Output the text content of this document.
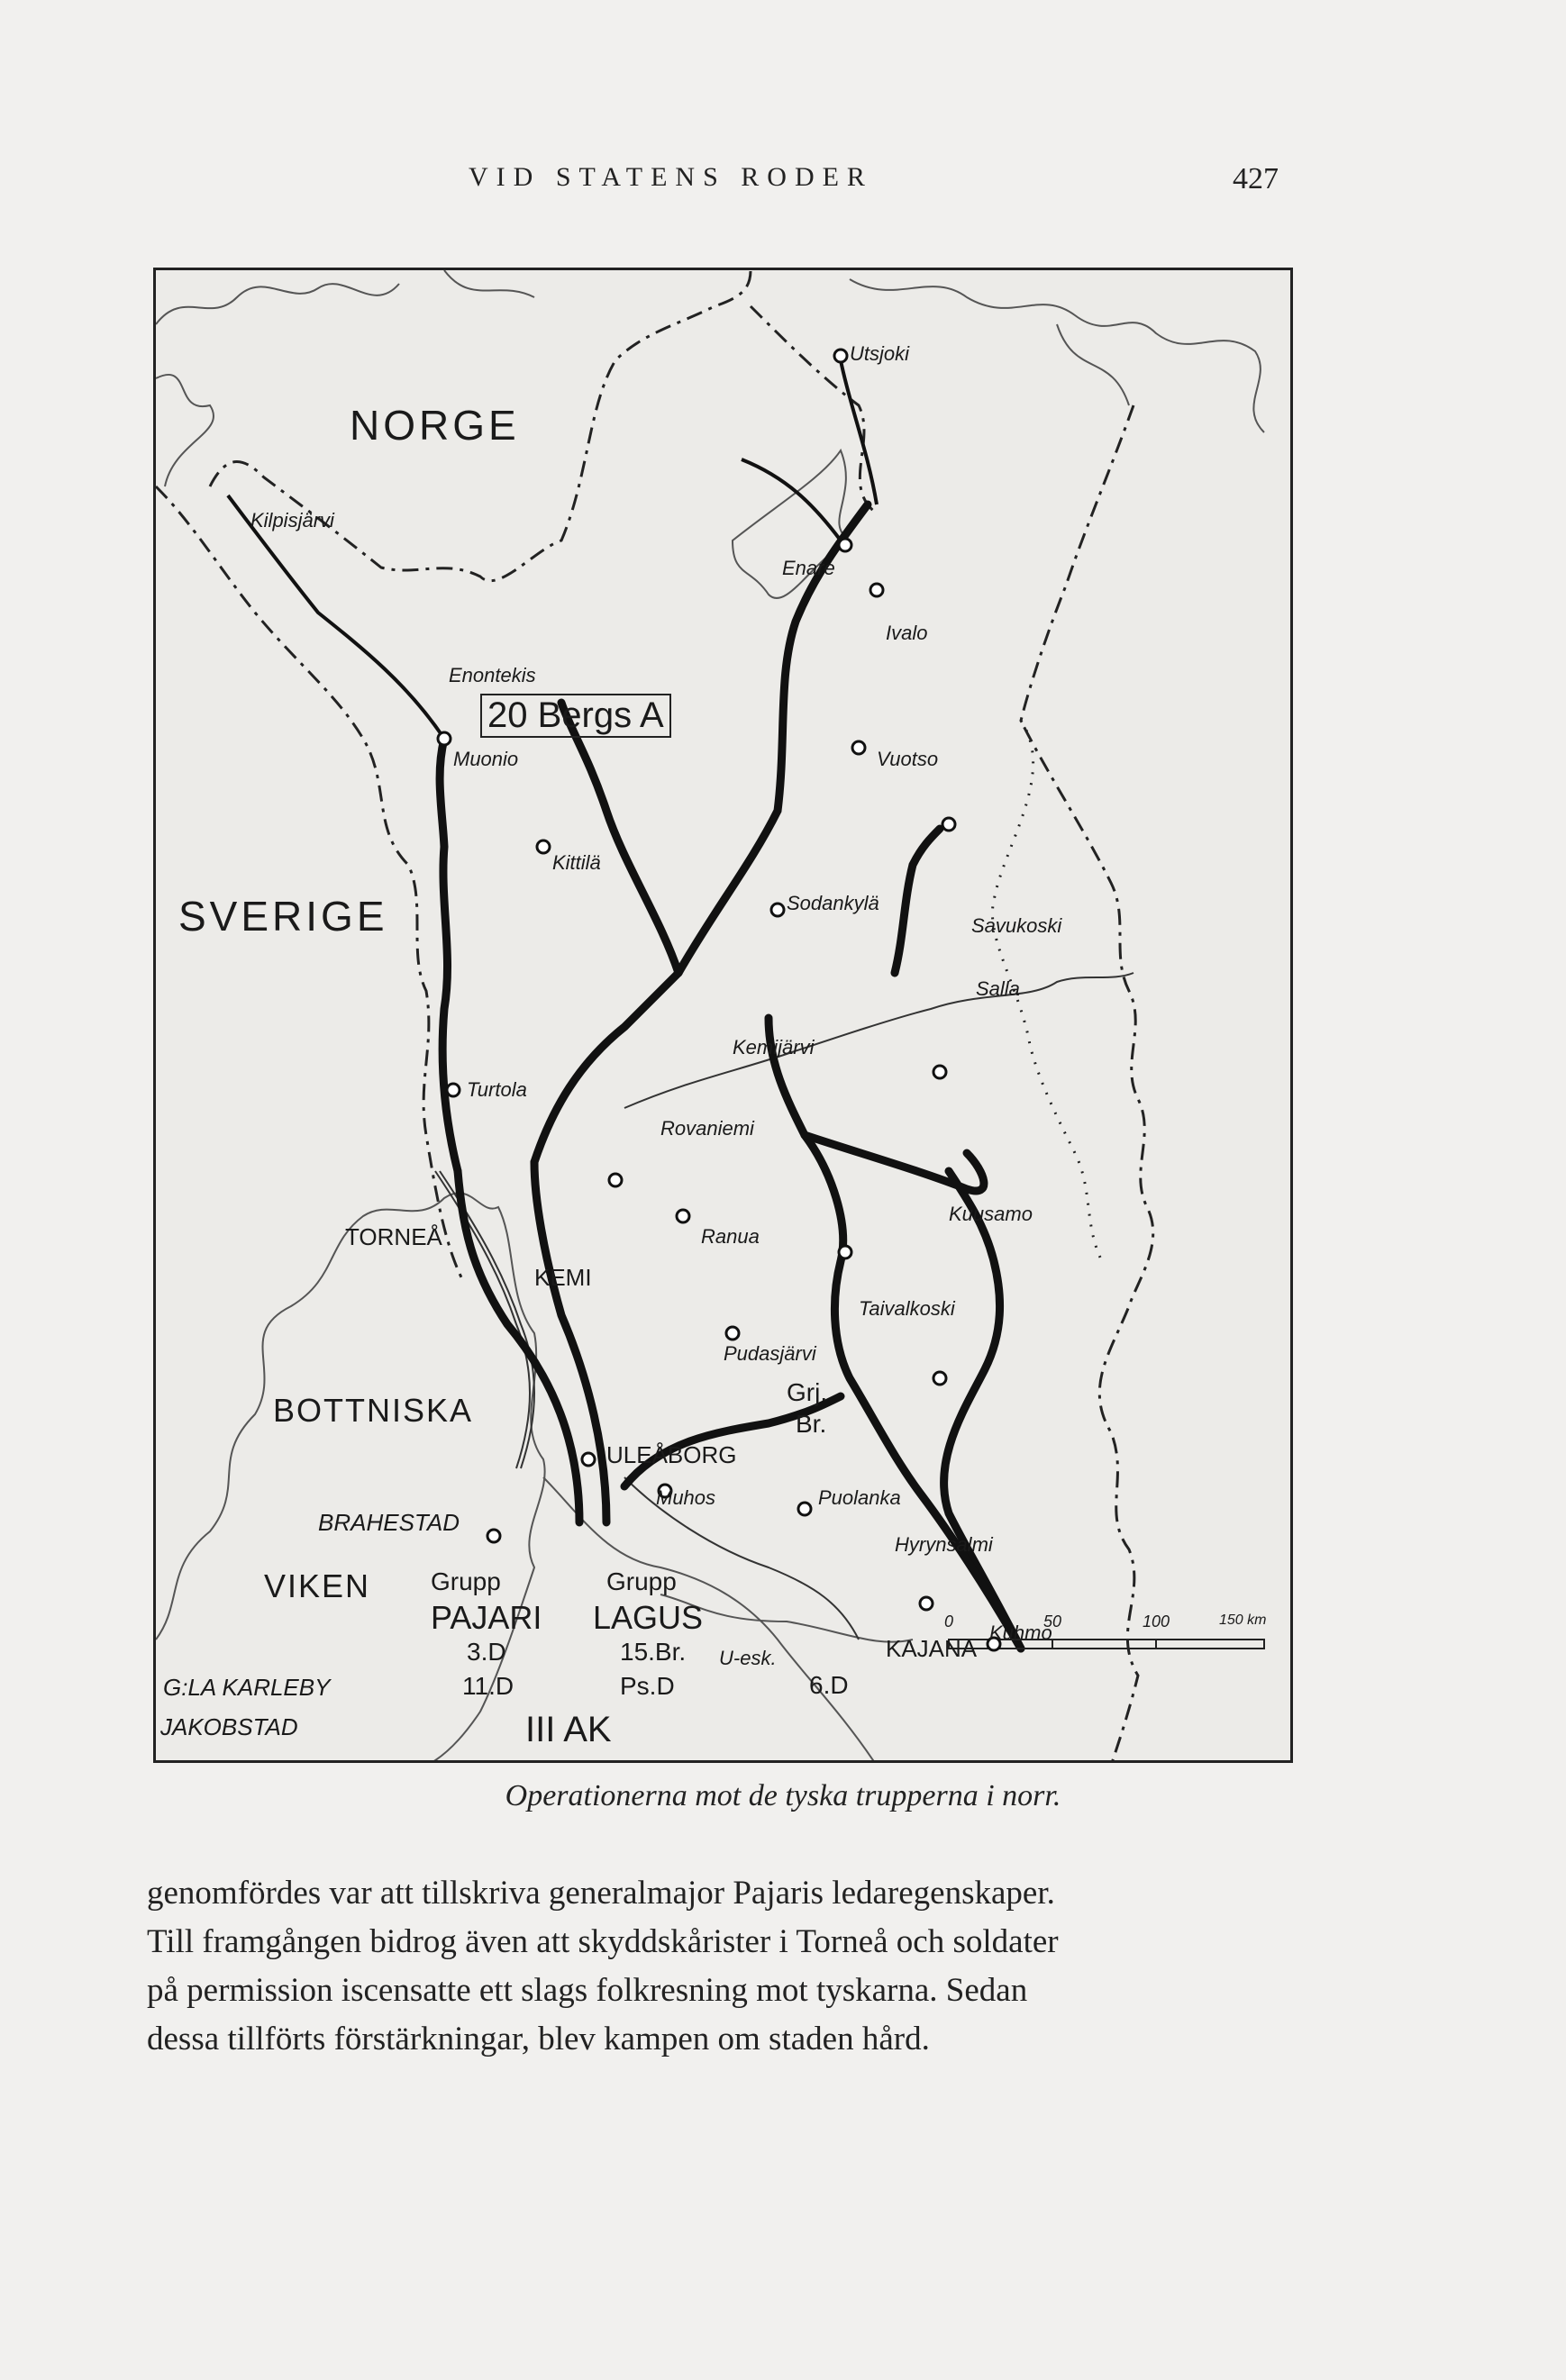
VID STATENS RODER	427
NORGE
SVERIGE
BOTTNISKA
VIKEN
Utsjoki
Kilpisjärvi
Enare
Ivalo
Enontekis
Muonio	Vuotso
Kittilä
Sodankylä
Savukoski
Salla
Kemijärvi
Turtola
Rovaniemi
Kuusamo
Ranua
TORNEÅ
KEMI
Taivalkoski
Pudasjärvi
ULEÅBORG
Muhos	Puolanka
BRAHESTAD
Hyrynsalmi
Kuhmo
KAJANA
G:LA KARLEBY
JAKOBSTAD
20 Bergs A
Grj.
Br.
Grupp
PAJARI
3.D
11.D
Grupp
LAGUS
15.Br.
Ps.D
III AK
6.D
U-esk.
0	50	100	150 km
Operationerna mot de tyska trupperna i norr.

genomfördes var att tillskriva generalmajor Pajaris ledaregenskaper.

Till framgången bidrog även att skyddskårister i Torneå och soldater

på permission iscensatte ett slags folkresning mot tyskarna. Sedan

dessa tillförts förstärkningar, blev kampen om staden hård.
